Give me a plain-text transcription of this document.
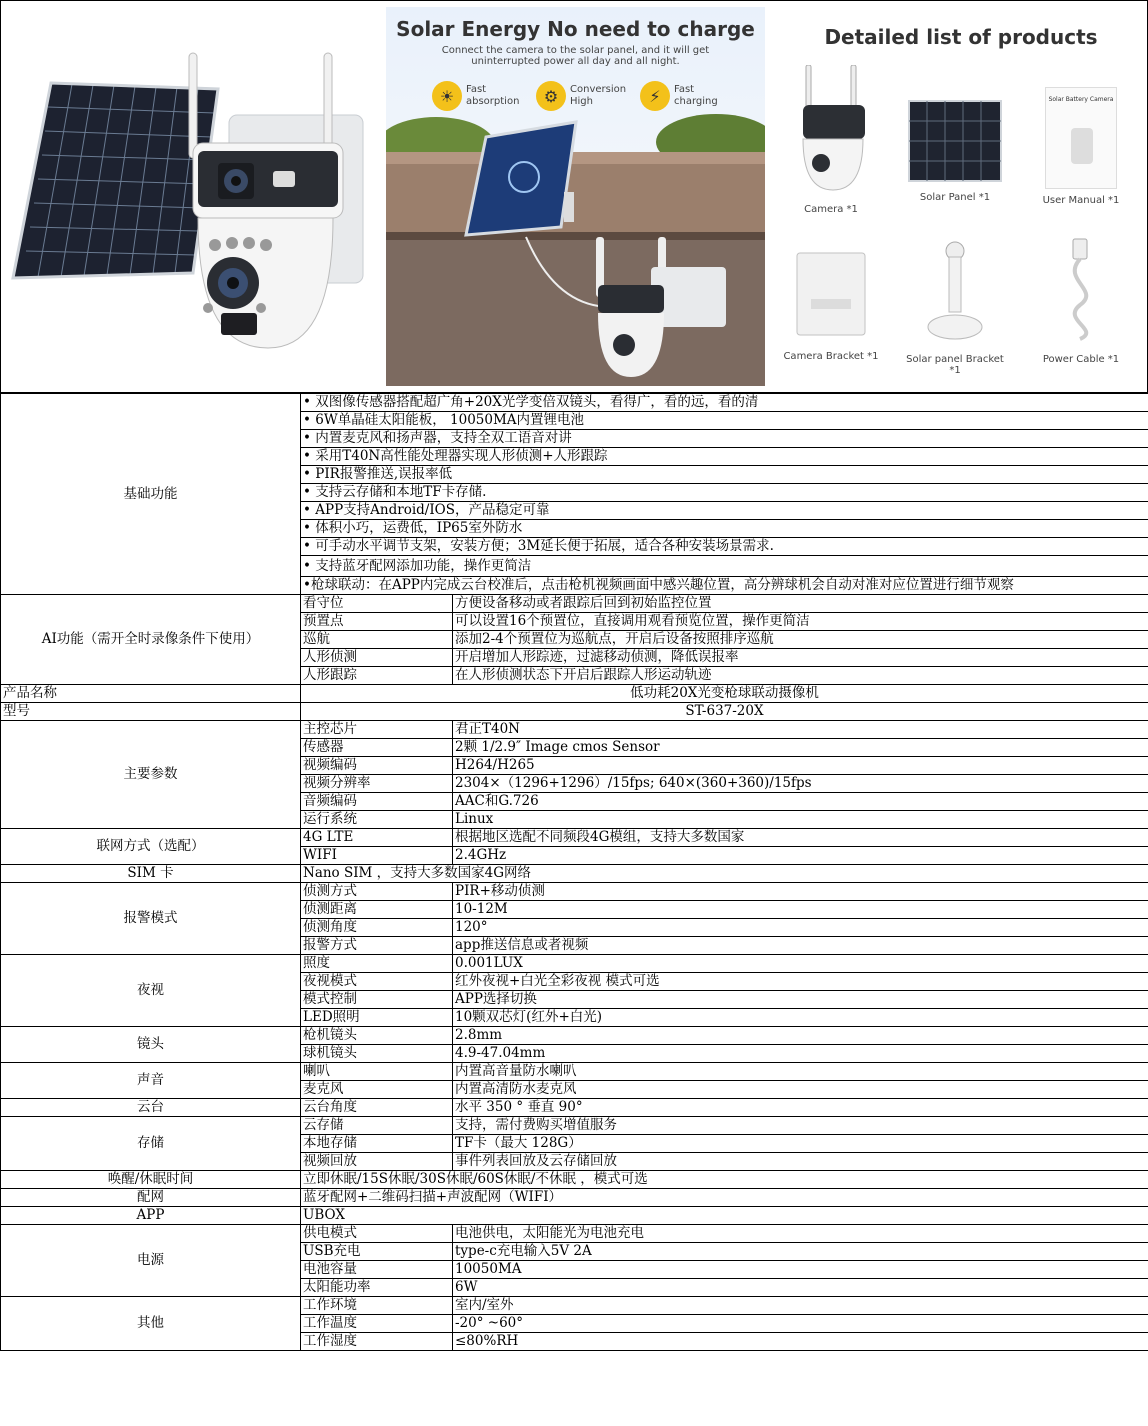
Solar Energy No need to charge
Connect the camera to the solar panel, and it will get uninterrupted power all day and all night.
☀	Fast absorption	⚙	Conversion High	⚡	Fast charging
Detailed list of products
Camera *1
Solar Panel *1
Solar Battery Camera
User Manual *1
Camera Bracket *1	Solar panel Bracket *1
Power Cable *1
基础功能	• 双图像传感器搭配超广角+20X光学变倍双镜头，看得广，看的远，看的清	
	• 6W单晶硅太阳能板， 10050MA内置锂电池	
	• 内置麦克风和扬声器，支持全双工语音对讲	
	• 采用T40N高性能处理器实现人形侦测+人形跟踪	
	• PIR报警推送,误报率低	
	• 支持云存储和本地TF卡存储.	
	• APP支持Android/IOS，产品稳定可靠	
	• 体积小巧，运费低，IP65室外防水	
	• 可手动水平调节支架，安装方便；3M延长便于拓展，适合各种安装场景需求.	
	• 支持蓝牙配网添加功能，操作更简洁	
	•枪球联动：在APP内完成云台校准后，点击枪机视频画面中感兴趣位置，高分辨球机会自动对准对应位置进行细节观察	
AI功能（需开全时录像条件下使用）	看守位	方便设备移动或者跟踪后回到初始监控位置
	预置点	可以设置16个预置位，直接调用观看预览位置，操作更简洁
	巡航	添加2-4个预置位为巡航点，开启后设备按照排序巡航
	人形侦测	开启增加人形踪迹，过滤移动侦测，降低误报率
	人形跟踪	在人形侦测状态下开启后跟踪人形运动轨迹
产品名称	低功耗20X光变枪球联动摄像机	
型号	ST-637-20X	
主要参数	主控芯片	君正T40N
	传感器	2颗 1/2.9″ Image cmos Sensor
	视频编码	H264/H265
	视频分辨率	2304×（1296+1296）/15fps; 640×(360+360)/15fps
	音频编码	AAC和G.726
	运行系统	Linux
联网方式（选配）	4G LTE	根据地区选配不同频段4G模组，支持大多数国家
	WIFI	2.4GHz
SIM 卡	Nano SIM ，支持大多数国家4G网络	
报警模式	侦测方式	PIR+移动侦测
	侦测距离	10-12M
	侦测角度	120°
	报警方式	app推送信息或者视频
夜视	照度	0.001LUX
	夜视模式	红外夜视+白光全彩夜视 模式可选
	模式控制	APP选择切换
	LED照明	10颗双芯灯(红外+白光)
镜头	枪机镜头	2.8mm
	球机镜头	4.9-47.04mm
声音	喇叭	内置高音量防水喇叭
	麦克风	内置高清防水麦克风
云台	云台角度	水平 350 ° 垂直 90°
存储	云存储	支持，需付费购买增值服务
	本地存储	TF卡（最大 128G）
	视频回放	事件列表回放及云存储回放
唤醒/休眠时间	立即休眠/15S休眠/30S休眠/60S休眠/不休眠 ，模式可选	
配网	蓝牙配网+二维码扫描+声波配网（WIFI）	
APP	UBOX	
电源	供电模式	电池供电，太阳能光为电池充电
	USB充电	type-c充电输入5V 2A
	电池容量	10050MA
	太阳能功率	6W
其他	工作环境	室内/室外
	工作温度	-20° ~60°
	工作湿度	≤80%RH
